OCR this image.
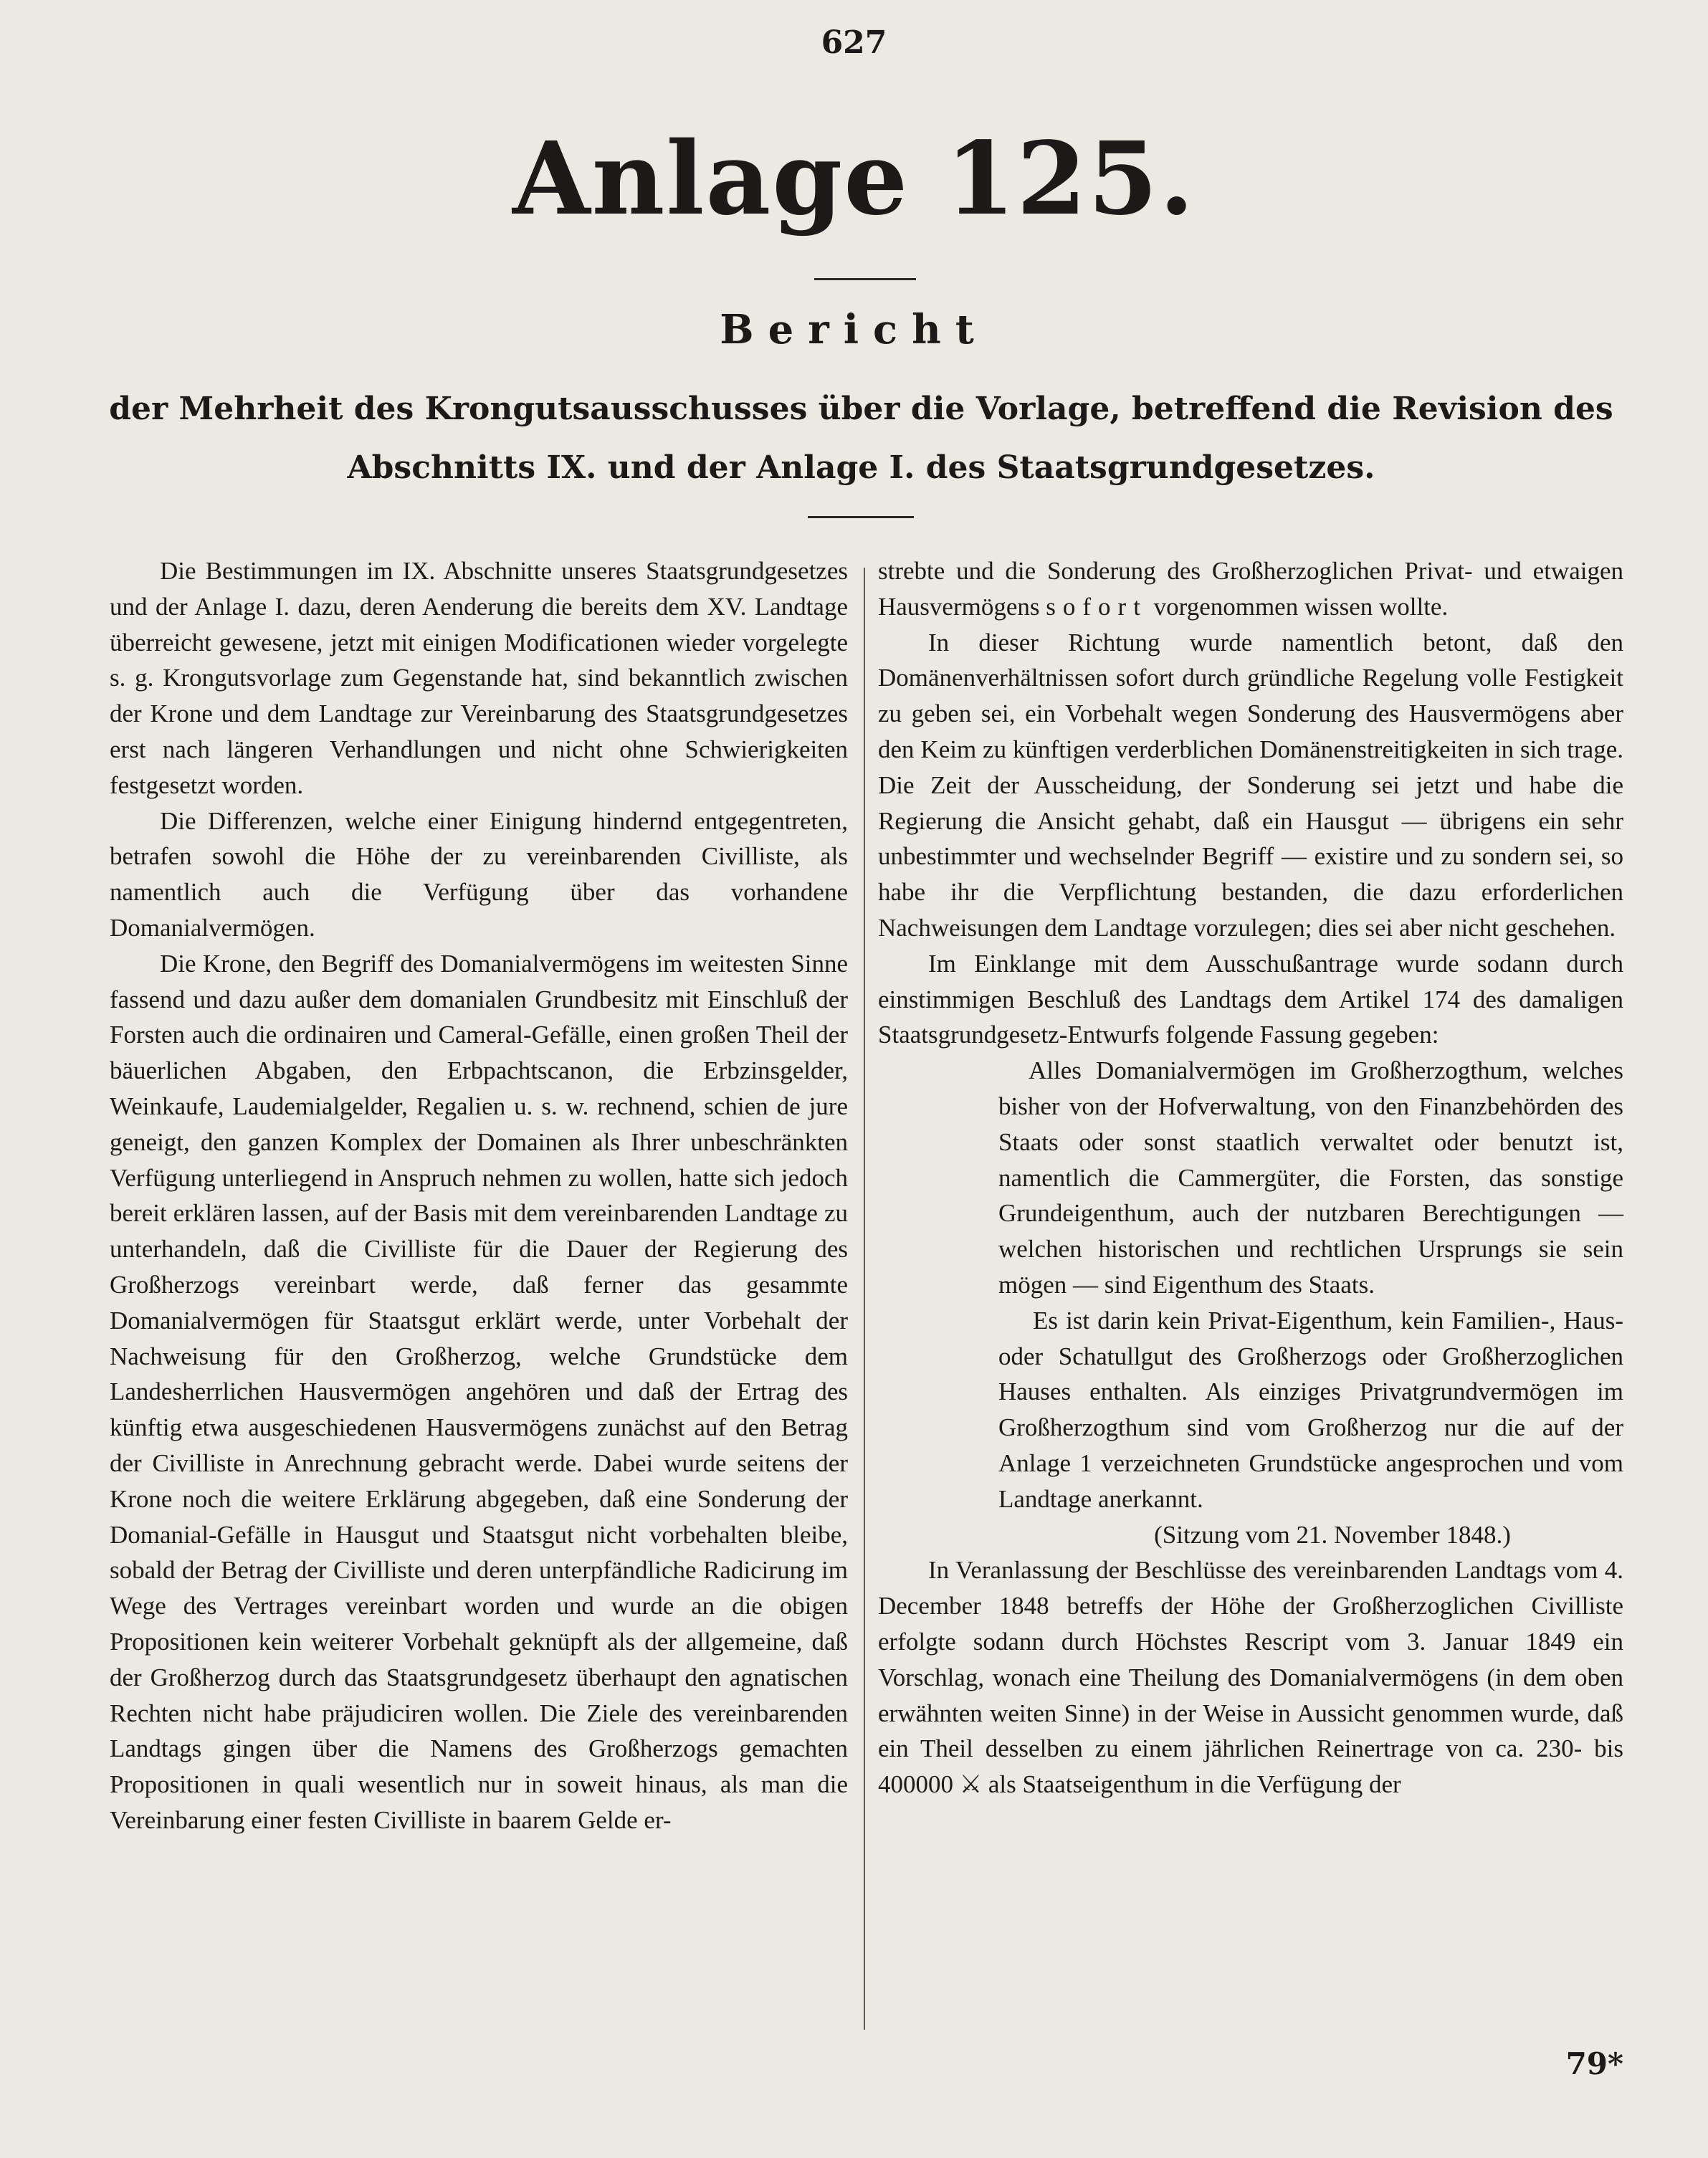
627
Anlage 125.
Bericht
der Mehrheit des Krongutsausschusses über die Vorlage, betreffend die Revision des Abschnitts IX. und der Anlage I. des Staatsgrundgesetzes.

Die Bestimmungen im IX. Abschnitte unseres Staatsgrundgesetzes und der Anlage I. dazu, deren Aenderung die bereits dem XV. Landtage überreicht gewesene, jetzt mit einigen Modificationen wieder vorgelegte s. g. Krongutsvorlage zum Gegenstande hat, sind bekanntlich zwischen der Krone und dem Landtage zur Vereinbarung des Staatsgrundgesetzes erst nach längeren Verhandlungen und nicht ohne Schwierigkeiten festgesetzt worden.

Die Differenzen, welche einer Einigung hindernd entgegentreten, betrafen sowohl die Höhe der zu vereinbarenden Civilliste, als namentlich auch die Verfügung über das vorhandene Domanialvermögen.

Die Krone, den Begriff des Domanialvermögens im weitesten Sinne fassend und dazu außer dem domanialen Grundbesitz mit Einschluß der Forsten auch die ordinairen und Cameral-Gefälle, einen großen Theil der bäuerlichen Abgaben, den Erbpachtscanon, die Erbzinsgelder, Weinkaufe, Laudemialgelder, Regalien u. s. w. rechnend, schien de jure geneigt, den ganzen Komplex der Domainen als Ihrer unbeschränkten Verfügung unterliegend in Anspruch nehmen zu wollen, hatte sich jedoch bereit erklären lassen, auf der Basis mit dem vereinbarenden Landtage zu unterhandeln, daß die Civilliste für die Dauer der Regierung des Großherzogs vereinbart werde, daß ferner das gesammte Domanialvermögen für Staatsgut erklärt werde, unter Vorbehalt der Nachweisung für den Großherzog, welche Grundstücke dem Landesherrlichen Hausvermögen angehören und daß der Ertrag des künftig etwa ausgeschiedenen Hausvermögens zunächst auf den Betrag der Civilliste in Anrechnung gebracht werde. Dabei wurde seitens der Krone noch die weitere Erklärung abgegeben, daß eine Sonderung der Domanial-Gefälle in Hausgut und Staatsgut nicht vorbehalten bleibe, sobald der Betrag der Civilliste und deren unterpfändliche Radicirung im Wege des Vertrages vereinbart worden und wurde an die obigen Propositionen kein weiterer Vorbehalt geknüpft als der allgemeine, daß der Großherzog durch das Staatsgrundgesetz überhaupt den agnatischen Rechten nicht habe präjudiciren wollen. Die Ziele des vereinbarenden Landtags gingen über die Namens des Großherzogs gemachten Propositionen in quali wesentlich nur in soweit hinaus, als man die Vereinbarung einer festen Civilliste in baarem Gelde er-

strebte und die Sonderung des Großherzoglichen Privat- und etwaigen Hausvermögens sofort vorgenommen wissen wollte.

In dieser Richtung wurde namentlich betont, daß den Domänenverhältnissen sofort durch gründliche Regelung volle Festigkeit zu geben sei, ein Vorbehalt wegen Sonderung des Hausvermögens aber den Keim zu künftigen verderblichen Domänenstreitigkeiten in sich trage. Die Zeit der Ausscheidung, der Sonderung sei jetzt und habe die Regierung die Ansicht gehabt, daß ein Hausgut — übrigens ein sehr unbestimmter und wechselnder Begriff — existire und zu sondern sei, so habe ihr die Verpflichtung bestanden, die dazu erforderlichen Nachweisungen dem Landtage vorzulegen; dies sei aber nicht geschehen.

Im Einklange mit dem Ausschußantrage wurde sodann durch einstimmigen Beschluß des Landtags dem Artikel 174 des damaligen Staatsgrundgesetz-Entwurfs folgende Fassung gegeben:

Alles Domanialvermögen im Großherzogthum, welches bisher von der Hofverwaltung, von den Finanzbehörden des Staats oder sonst staatlich verwaltet oder benutzt ist, namentlich die Cammergüter, die Forsten, das sonstige Grundeigenthum, auch der nutzbaren Berechtigungen — welchen historischen und rechtlichen Ursprungs sie sein mögen — sind Eigenthum des Staats.

Es ist darin kein Privat-Eigenthum, kein Familien-, Haus- oder Schatullgut des Großherzogs oder Großherzoglichen Hauses enthalten. Als einziges Privatgrundvermögen im Großherzogthum sind vom Großherzog nur die auf der Anlage 1 verzeichneten Grundstücke angesprochen und vom Landtage anerkannt.

(Sitzung vom 21. November 1848.)

In Veranlassung der Beschlüsse des vereinbarenden Landtags vom 4. December 1848 betreffs der Höhe der Großherzoglichen Civilliste erfolgte sodann durch Höchstes Rescript vom 3. Januar 1849 ein Vorschlag, wonach eine Theilung des Domanialvermögens (in dem oben erwähnten weiten Sinne) in der Weise in Aussicht genommen wurde, daß ein Theil desselben zu einem jährlichen Reinertrage von ca. 230- bis 400000 ⚔ als Staatseigenthum in die Verfügung der

79*
